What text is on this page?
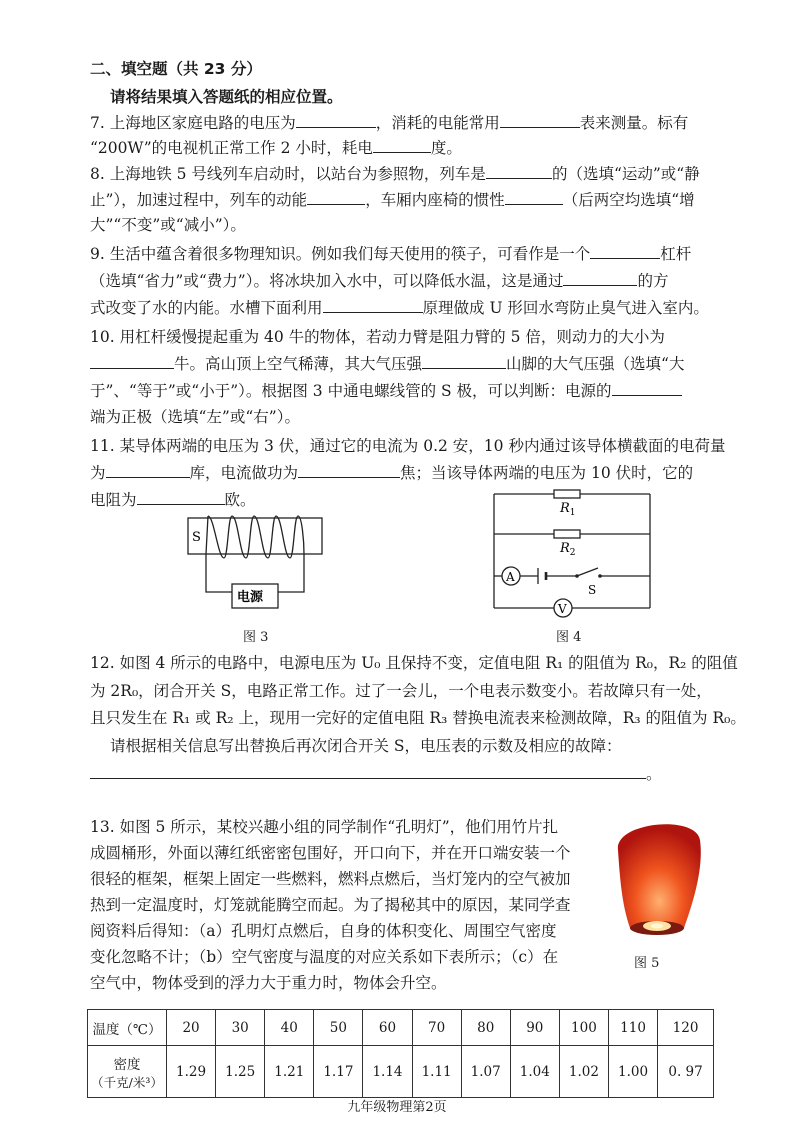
二、填空题（共 23 分）
请将结果填入答题纸的相应位置。
7. 上海地区家庭电路的电压为	，消耗的电能常用	表来测量。标有
“200W”的电视机正常工作 2 小时，耗电	度。
8. 上海地铁 5 号线列车启动时，以站台为参照物，列车是	的（选填“运动”或“静
止”），加速过程中，列车的动能	，车厢内座椅的惯性	（后两空均选填“增
大”“不变”或“减小”）。
9. 生活中蕴含着很多物理知识。例如我们每天使用的筷子，可看作是一个	杠杆
（选填“省力”或“费力”）。将冰块加入水中，可以降低水温，这是通过	的方
式改变了水的内能。水槽下面利用	原理做成 U 形回水弯防止臭气进入室内。
10. 用杠杆缓慢提起重为 40 牛的物体，若动力臂是阻力臂的 5 倍，则动力的大小为
牛。高山顶上空气稀薄，其大气压强	山脚的大气压强（选填“大
于”、“等于”或“小于”）。根据图 3 中通电螺线管的 S 极，可以判断：电源的
端为正极（选填“左”或“右”）。
11. 某导体两端的电压为 3 伏，通过它的电流为 0.2 安，10 秒内通过该导体横截面的电荷量
为	库，电流做功为	焦；当该导体两端的电压为 10 伏时，它的
电阻为	欧。
S
电源
图 3
$R_1$
$R_2$
A
S
V
图 4
12. 如图 4 所示的电路中，电源电压为 U₀ 且保持不变，定值电阻 R₁ 的阻值为 R₀，R₂ 的阻值
为 2R₀，闭合开关 S，电路正常工作。过了一会儿，一个电表示数变小。若故障只有一处，
且只发生在 R₁ 或 R₂ 上，现用一完好的定值电阻 R₃ 替换电流表来检测故障，R₃ 的阻值为 R₀。
请根据相关信息写出替换后再次闭合开关 S，电压表的示数及相应的故障：
。
13. 如图 5 所示，某校兴趣小组的同学制作“孔明灯”，他们用竹片扎
成圆桶形，外面以薄红纸密密包围好，开口向下，并在开口端安装一个
很轻的框架，框架上固定一些燃料，燃料点燃后，当灯笼内的空气被加
热到一定温度时，灯笼就能腾空而起。为了揭秘其中的原因，某同学查
阅资料后得知：（a）孔明灯点燃后，自身的体积变化、周围空气密度
变化忽略不计；（b）空气密度与温度的对应关系如下表所示；（c）在
空气中，物体受到的浮力大于重力时，物体会升空。
图 5
温度（℃）	20	30	40	50	60	70	80	90	100	110	120

密度
（千克/米³）	1.29	1.25	1.21	1.17	1.14	1.11	1.07	1.04	1.02	1.00	0. 97
九年级物理第2页
